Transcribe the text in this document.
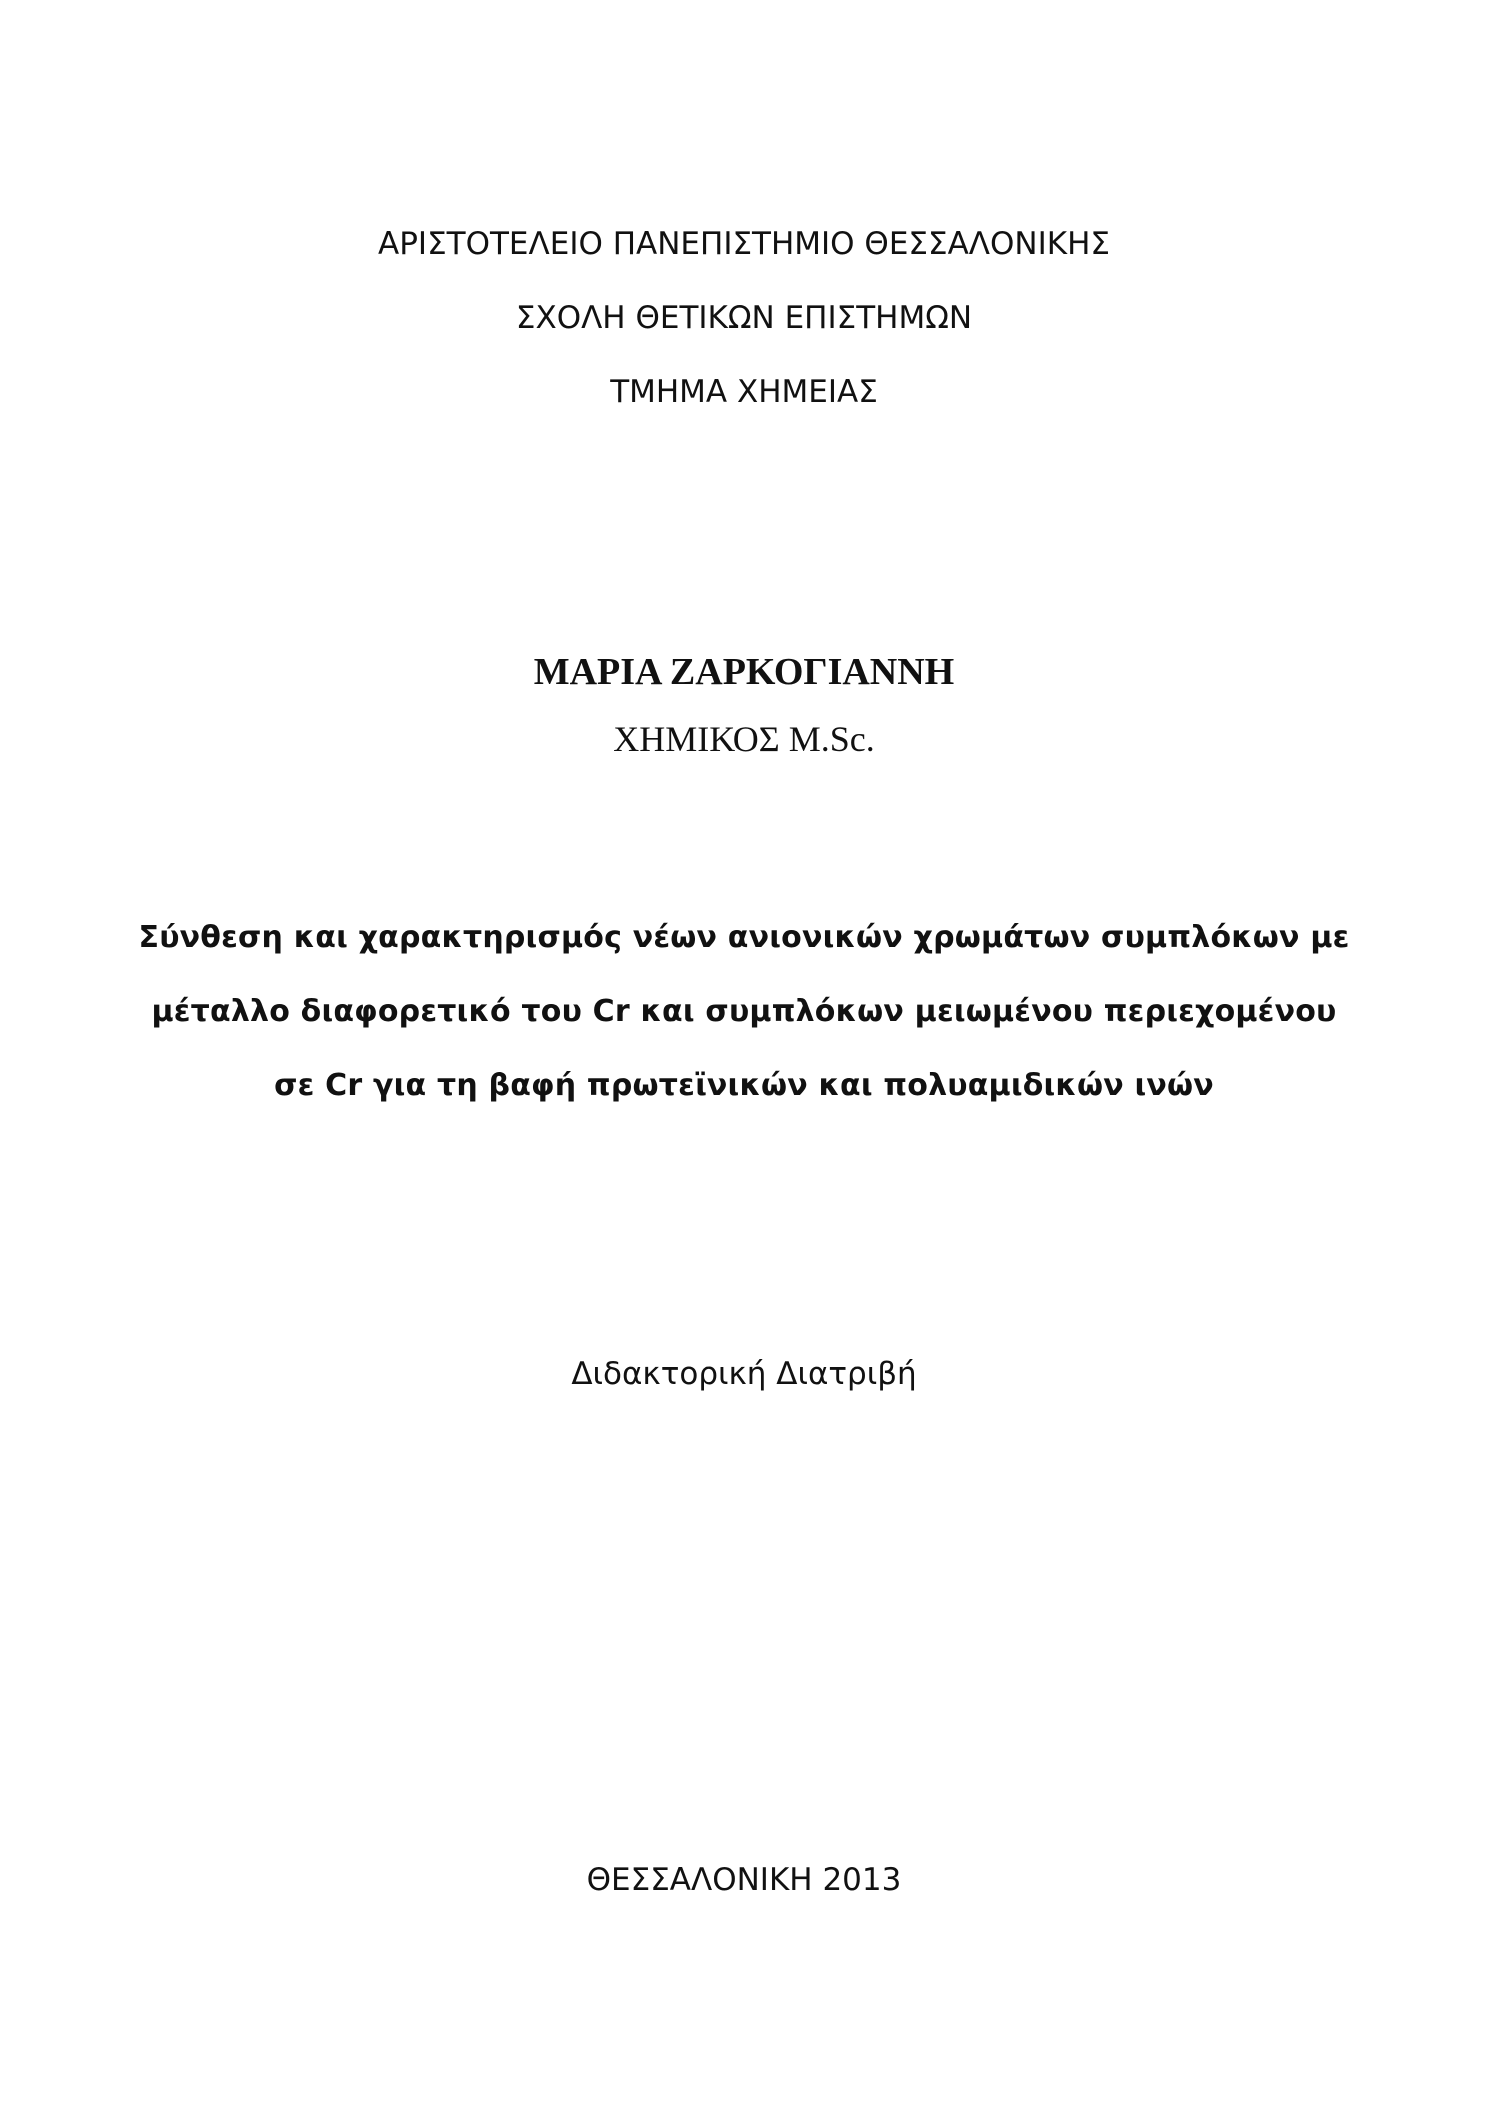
ΑΡΙΣΤΟΤΕΛΕΙΟ ΠΑΝΕΠΙΣΤΗΜΙΟ ΘΕΣΣΑΛΟΝΙΚΗΣ

ΣΧΟΛΗ ΘΕΤΙΚΩΝ ΕΠΙΣΤΗΜΩΝ

ΤΜΗΜΑ ΧΗΜΕΙΑΣ

ΜΑΡΙΑ ΖΑΡΚΟΓΙΑΝΝΗ

ΧΗΜΙΚΟΣ M.Sc.

Σύνθεση και χαρακτηρισμός νέων ανιονικών χρωμάτων συμπλόκων με

μέταλλο διαφορετικό του Cr και συμπλόκων μειωμένου περιεχομένου

σε Cr για τη βαφή πρωτεϊνικών και πολυαμιδικών ινών

Διδακτορική Διατριβή

ΘΕΣΣΑΛΟΝΙΚΗ 2013
